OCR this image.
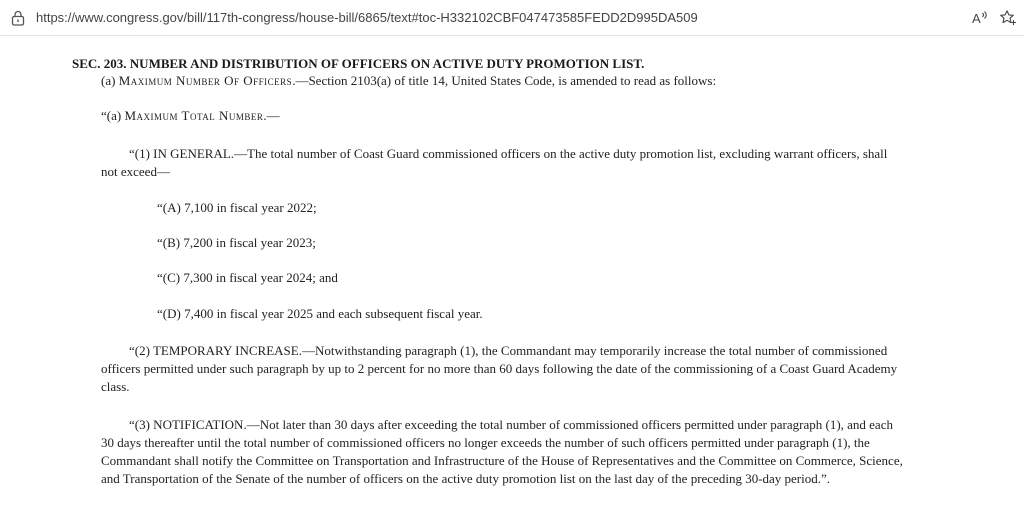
https://www.congress.gov/bill/117th-congress/house-bill/6865/text#toc-H332102CBF047473585FEDD2D995DA509	A
SEC. 203. NUMBER AND DISTRIBUTION OF OFFICERS ON ACTIVE DUTY PROMOTION LIST.
(a) Maximum Number Of Officers.—Section 2103(a) of title 14, United States Code, is amended to read as follows:
“(a) Maximum Total Number.—
“(1) IN GENERAL.—The total number of Coast Guard commissioned officers on the active duty promotion list, excluding warrant officers, shall
not exceed—
“(A) 7,100 in fiscal year 2022;
“(B) 7,200 in fiscal year 2023;
“(C) 7,300 in fiscal year 2024; and
“(D) 7,400 in fiscal year 2025 and each subsequent fiscal year.
“(2) TEMPORARY INCREASE.—Notwithstanding paragraph (1), the Commandant may temporarily increase the total number of commissioned
officers permitted under such paragraph by up to 2 percent for no more than 60 days following the date of the commissioning of a Coast Guard Academy
class.
“(3) NOTIFICATION.—Not later than 30 days after exceeding the total number of commissioned officers permitted under paragraph (1), and each
30 days thereafter until the total number of commissioned officers no longer exceeds the number of such officers permitted under paragraph (1), the
Commandant shall notify the Committee on Transportation and Infrastructure of the House of Representatives and the Committee on Commerce, Science,
and Transportation of the Senate of the number of officers on the active duty promotion list on the last day of the preceding 30-day period.”.
